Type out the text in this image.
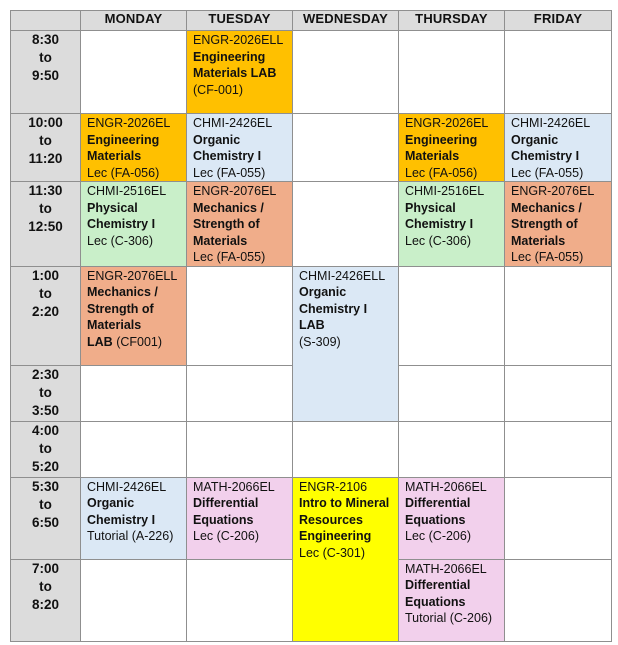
	MONDAY	TUESDAY	WEDNESDAY	THURSDAY	FRIDAY

8:30
to
9:50		ENGR-2026ELL
Engineering Materials LAB
(CF-001)			

10:00
to
11:20	ENGR-2026EL
Engineering Materials
Lec (FA-056)	CHMI-2426EL
Organic Chemistry I
Lec (FA-055)		ENGR-2026EL
Engineering Materials
Lec (FA-056)	CHMI-2426EL
Organic Chemistry I
Lec (FA-055)

11:30
to
12:50	CHMI-2516EL
Physical Chemistry I
Lec (C-306)	ENGR-2076EL
Mechanics / Strength of Materials
Lec (FA-055)		CHMI-2516EL
Physical Chemistry I
Lec (C-306)	ENGR-2076EL
Mechanics / Strength of Materials
Lec (FA-055)

1:00
to
2:20	ENGR-2076ELL
Mechanics / Strength of Materials
LAB (CF001)		CHMI-2426ELL
Organic Chemistry I
LAB
(S-309)		

2:30
to
3:50					

4:00
to
5:20					

5:30
to
6:50	CHMI-2426EL
Organic Chemistry I
Tutorial (A-226)	MATH-2066EL
Differential Equations
Lec (C-206)	ENGR-2106
Intro to Mineral Resources Engineering
Lec (C-301)	MATH-2066EL
Differential Equations
Lec (C-206)	

7:00
to
8:20				MATH-2066EL
Differential Equations
Tutorial (C-206)	
